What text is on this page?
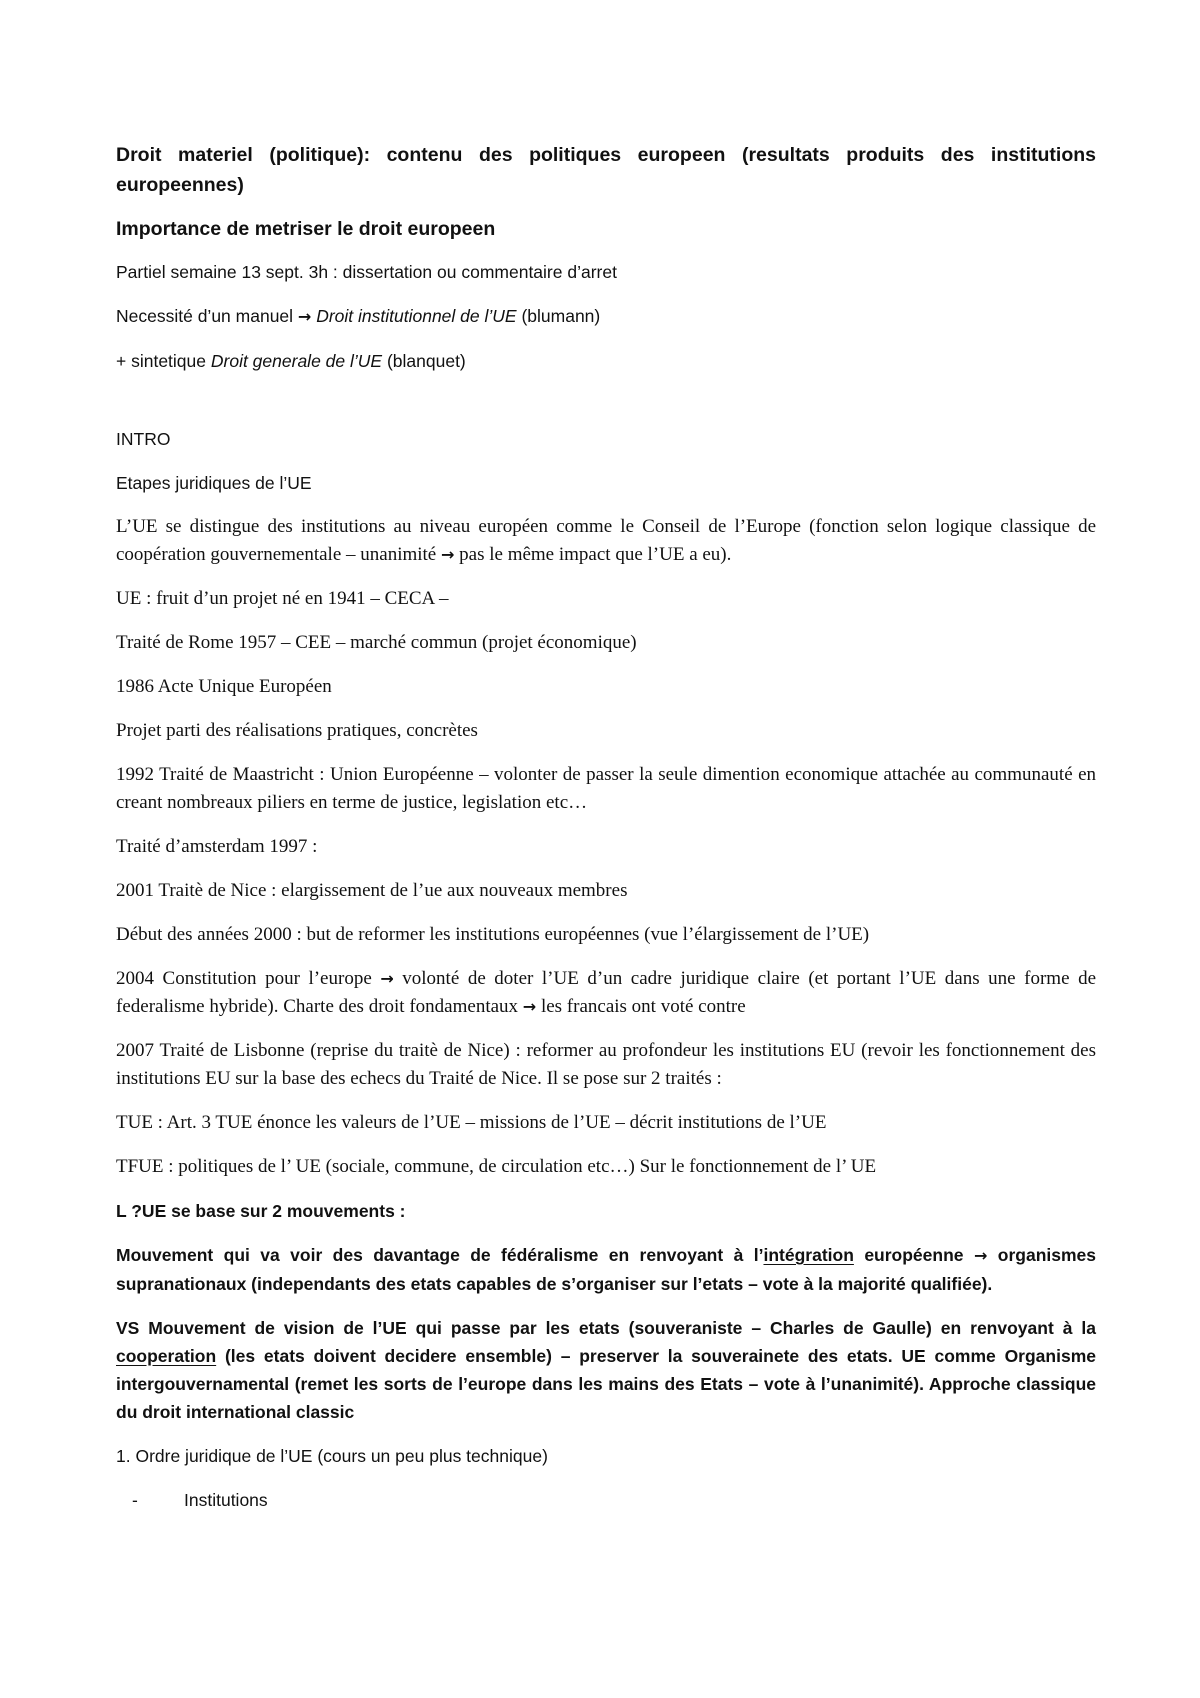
Droit materiel (politique): contenu des politiques europeen (resultats produits des institutions europeennes)

Importance de metriser le droit europeen

Partiel semaine 13 sept. 3h : dissertation ou commentaire d’arret

Necessité d’un manuel → Droit institutionnel de l’UE (blumann)

+ sintetique Droit generale de l’UE (blanquet)

INTRO

Etapes juridiques de l’UE

L’UE se distingue des institutions au niveau européen comme le Conseil de l’Europe (fonction selon logique classique de coopération gouvernementale – unanimité → pas le même impact que l’UE a eu).

UE : fruit d’un projet né en 1941 – CECA –

Traité de Rome 1957 – CEE – marché commun (projet économique)

1986 Acte Unique Européen

Projet parti des réalisations pratiques, concrètes

1992 Traité de Maastricht : Union Européenne – volonter de passer la seule dimention economique attachée au communauté en creant nombreaux piliers en terme de justice, legislation etc…

Traité d’amsterdam 1997 :

2001 Traitè de Nice : elargissement de l’ue aux nouveaux membres

Début des années 2000 : but de reformer les institutions européennes (vue l’élargissement de l’UE)

2004 Constitution pour l’europe → volonté de doter l’UE d’un cadre juridique claire (et portant l’UE dans une forme de federalisme hybride). Charte des droit fondamentaux → les francais ont voté contre

2007 Traité de Lisbonne (reprise du traitè de Nice) : reformer au profondeur les institutions EU (revoir les fonctionnement des institutions EU sur la base des echecs du Traité de Nice. Il se pose sur 2 traités :

TUE : Art. 3 TUE énonce les valeurs de l’UE – missions de l’UE – décrit institutions de l’UE

TFUE : politiques de l’ UE (sociale, commune, de circulation etc…) Sur le fonctionnement de l’ UE

L ?UE se base sur 2 mouvements :

Mouvement qui va voir des davantage de fédéralisme en renvoyant à l’intégration européenne → organismes supranationaux (independants des etats capables de s’organiser sur l’etats – vote à la majorité qualifiée).

VS Mouvement de vision de l’UE qui passe par les etats (souveraniste – Charles de Gaulle) en renvoyant à la cooperation (les etats doivent decidere ensemble) – preserver la souverainete des etats. UE comme Organisme intergouvernamental (remet les sorts de l’europe dans les mains des Etats – vote à l’unanimité). Approche classique du droit international classic

1. Ordre juridique de l’UE (cours un peu plus technique)

-	Institutions
